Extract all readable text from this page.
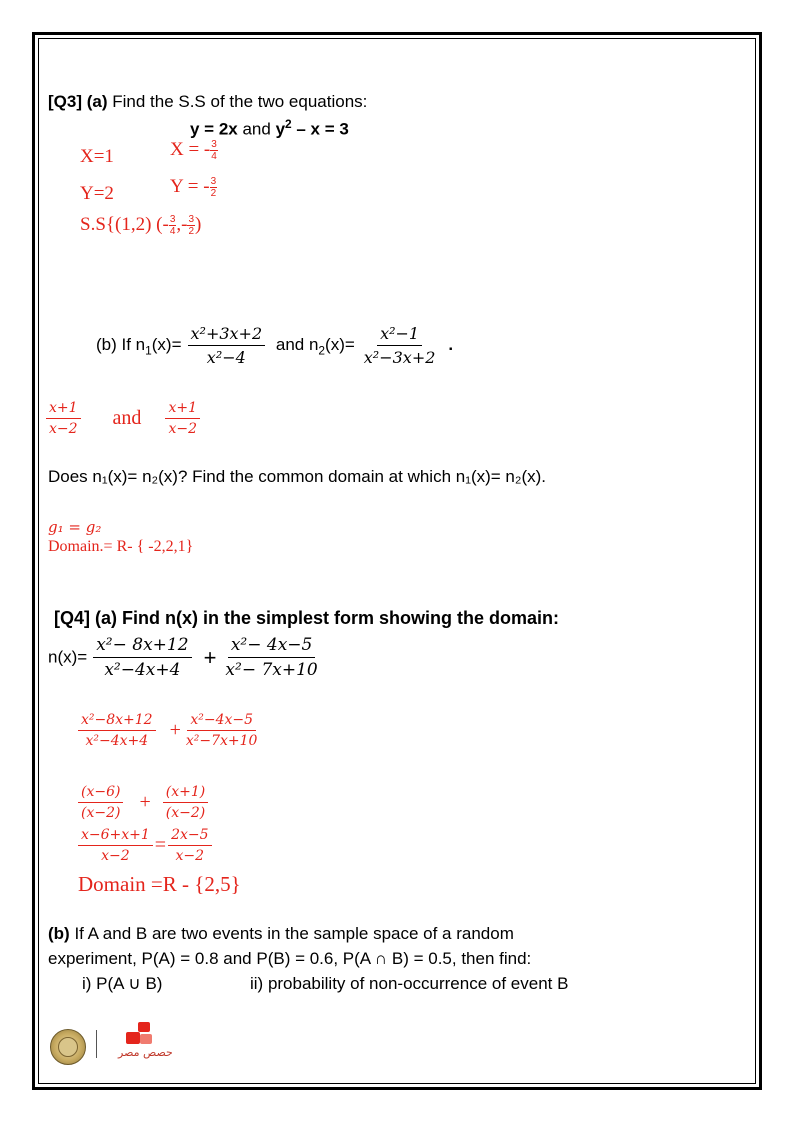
[Q3] (a) Find the S.S of the two equations:
y = 2x and $y^2 - x = 3$
X=1	X = - $\frac{3}{4}$
Y=2	Y = - $\frac{3}{2}$
S.S{(1,2) (- $\frac{3}{4}$ ,- $\frac{3}{2}$ )
(b) If $n_1(x)= \frac{\text{x²+3x+2}}{\text{x²−4}}$ and $n_2(x)= \frac{\text{x²−1}}{\text{x²−3x+2}}$ .
$\frac{x+1}{x-2}$ and $\frac{x+1}{x-2}$
Does n₁(x)= n₂(x)? Find the common domain at which n₁(x)= n₂(x).
g₁ = g₂
Domain.= R- { -2,2,1}
[Q4] (a) Find n(x) in the simplest form showing the domain:
$n(x)= \frac{\text{x²− 8x+12}}{\text{x²−4x+4}} + \frac{\text{x²− 4x−5}}{\text{x²− 7x+10}}$
$\frac{\text{x²−8x+12}}{\text{x²−4x+4}} + \frac{\text{x²−4x−5}}{\text{x²−7x+10}}$
$\frac{(x-6)}{(x-2)} + \frac{(x+1)}{(x-2)}$
$\frac{x-6+x+1}{x-2} = \frac{2x-5}{x-2}$
Domain =R - {2,5}
(b) If A and B are two events in the sample space of a random
experiment, P(A) = 0.8 and P(B) = 0.6, P(A ∩ B) = 0.5, then find:
i) P(A ∪ B)	ii) probability of non-occurrence of event B
حصص مصر
